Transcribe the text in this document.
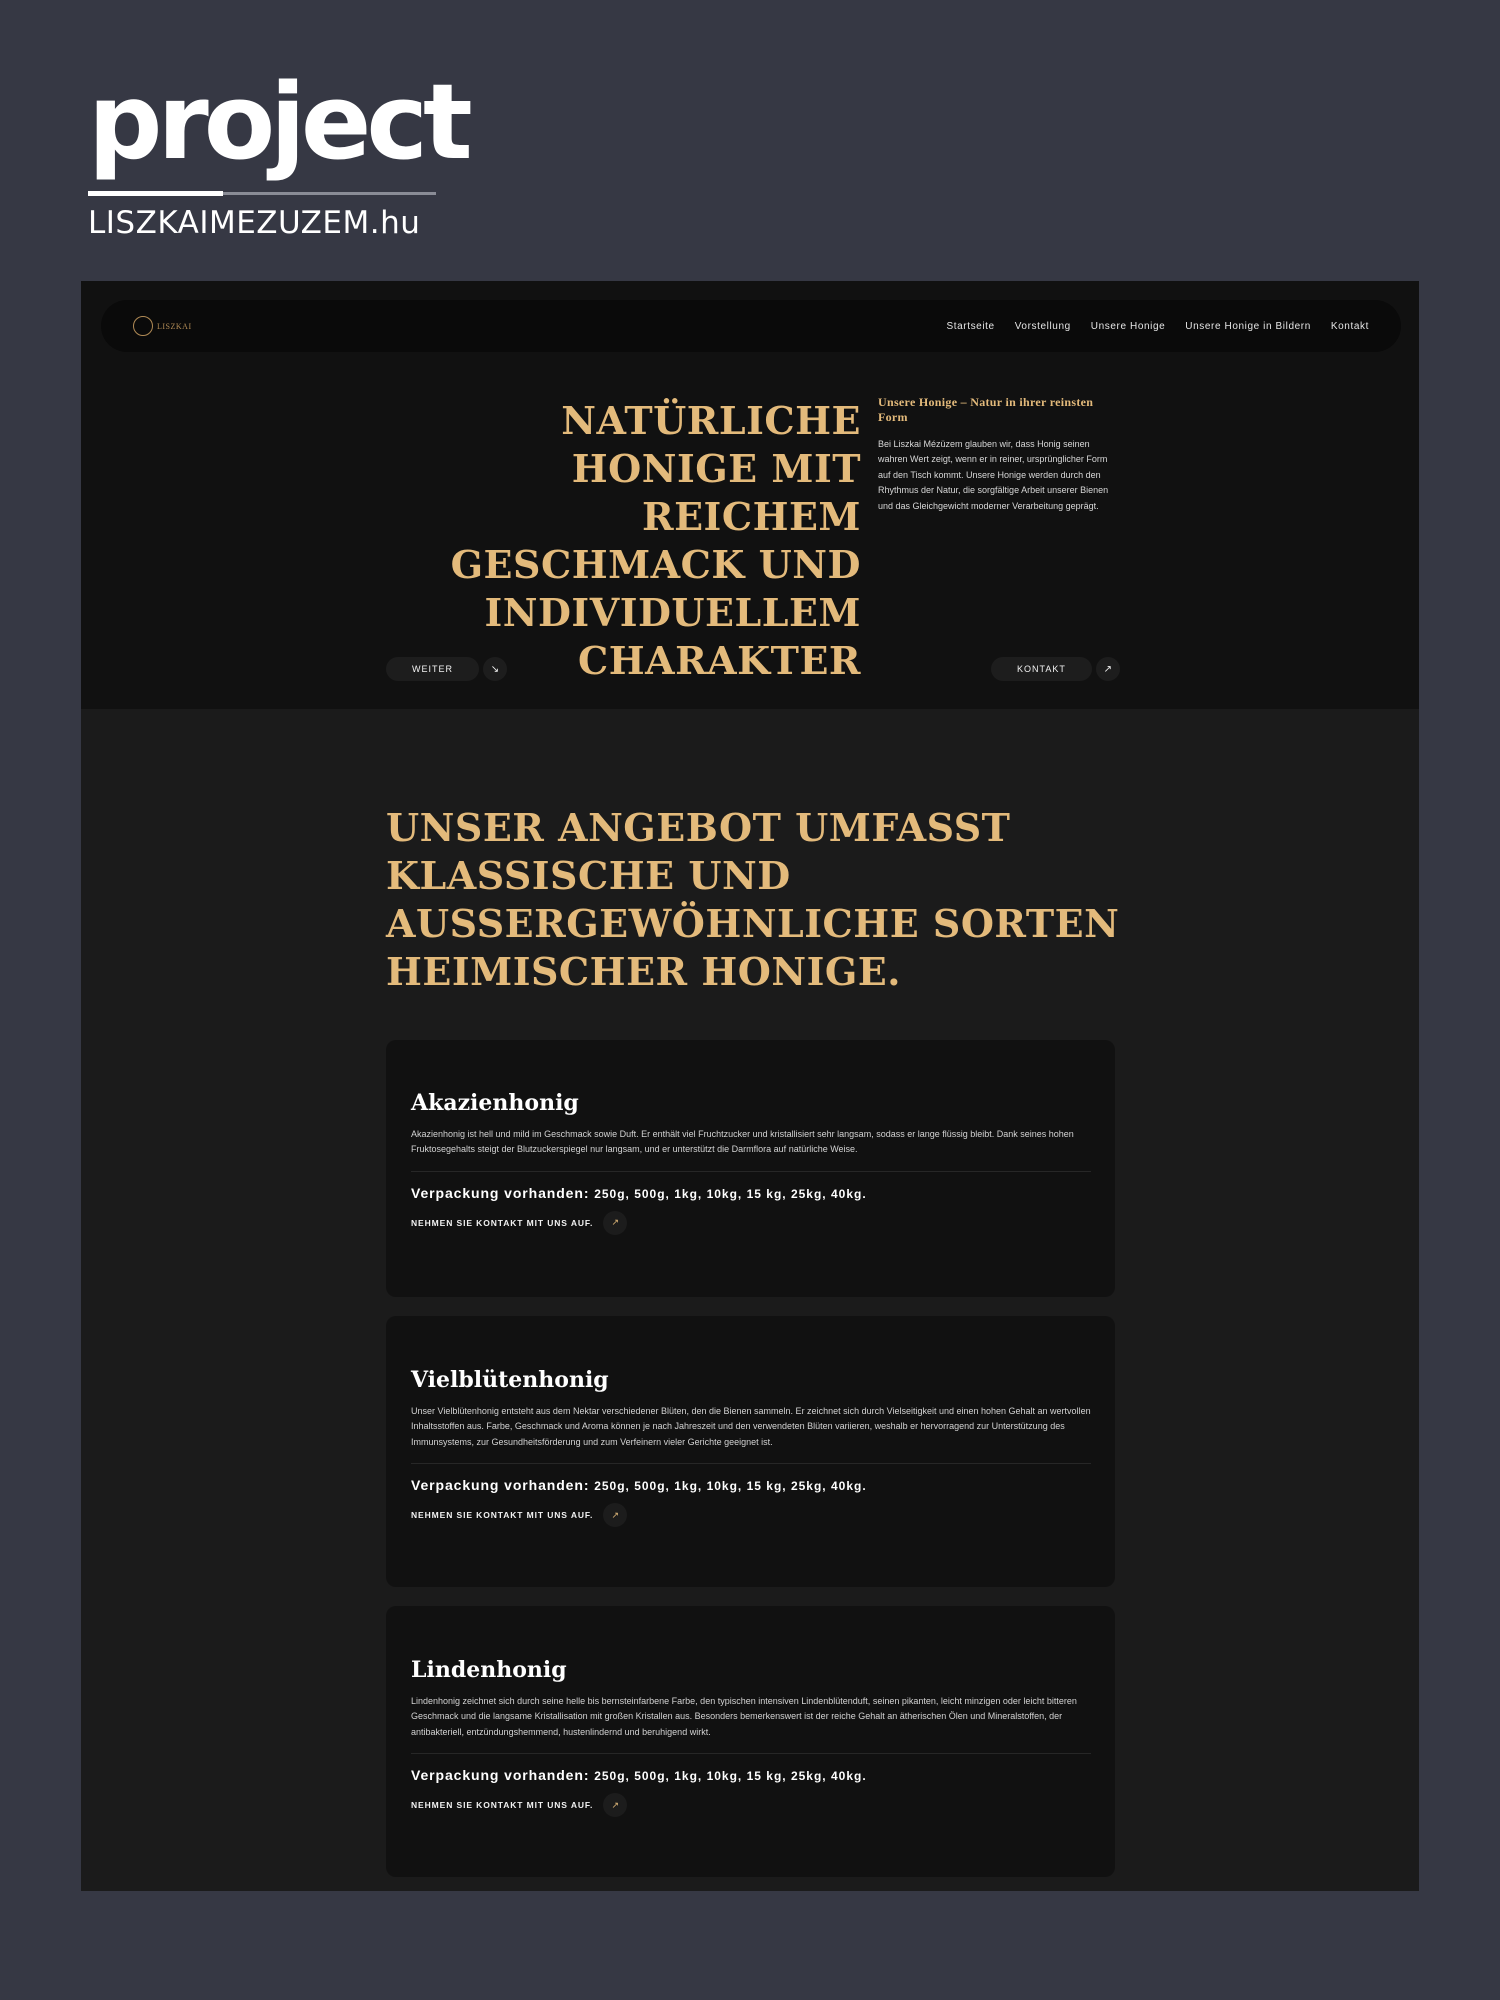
project

LISZKAIMEZUZEM.hu
LISZKAI	Startseite Vorstellung Unsere Honige Unsere Honige in Bildern Kontakt
NATÜRLICHE HONIGE MIT REICHEM GESCHMACK UND INDIVIDUELLEM CHARAKTER
Unsere Honige – Natur in ihrer reinsten Form

Bei Liszkai Mézüzem glauben wir, dass Honig seinen wahren Wert zeigt, wenn er in reiner, ursprünglicher Form auf den Tisch kommt. Unsere Honige werden durch den Rhythmus der Natur, die sorgfältige Arbeit unserer Bienen und das Gleichgewicht moderner Verarbeitung geprägt.

WEITER	↘	KONTAKT	↗
UNSER ANGEBOT UMFASST KLASSISCHE UND AUSSERGEWÖHNLICHE SORTEN HEIMISCHER HONIGE.
Akazienhonig

Akazienhonig ist hell und mild im Geschmack sowie Duft. Er enthält viel Fruchtzucker und kristallisiert sehr langsam, sodass er lange flüssig bleibt. Dank seines hohen Fruktosegehalts steigt der Blutzuckerspiegel nur langsam, und er unterstützt die Darmflora auf natürliche Weise.

Verpackung vorhanden: 250g, 500g, 1kg, 10kg, 15 kg, 25kg, 40kg.
NEHMEN SIE KONTAKT MIT UNS AUF.	↗
Vielblütenhonig

Unser Vielblütenhonig entsteht aus dem Nektar verschiedener Blüten, den die Bienen sammeln. Er zeichnet sich durch Vielseitigkeit und einen hohen Gehalt an wertvollen Inhaltsstoffen aus. Farbe, Geschmack und Aroma können je nach Jahreszeit und den verwendeten Blüten variieren, weshalb er hervorragend zur Unterstützung des Immunsystems, zur Gesundheitsförderung und zum Verfeinern vieler Gerichte geeignet ist.

Verpackung vorhanden: 250g, 500g, 1kg, 10kg, 15 kg, 25kg, 40kg.
NEHMEN SIE KONTAKT MIT UNS AUF.	↗
Lindenhonig

Lindenhonig zeichnet sich durch seine helle bis bernsteinfarbene Farbe, den typischen intensiven Lindenblütenduft, seinen pikanten, leicht minzigen oder leicht bitteren Geschmack und die langsame Kristallisation mit großen Kristallen aus. Besonders bemerkenswert ist der reiche Gehalt an ätherischen Ölen und Mineralstoffen, der antibakteriell, entzündungshemmend, hustenlindernd und beruhigend wirkt.

Verpackung vorhanden: 250g, 500g, 1kg, 10kg, 15 kg, 25kg, 40kg.
NEHMEN SIE KONTAKT MIT UNS AUF.	↗
